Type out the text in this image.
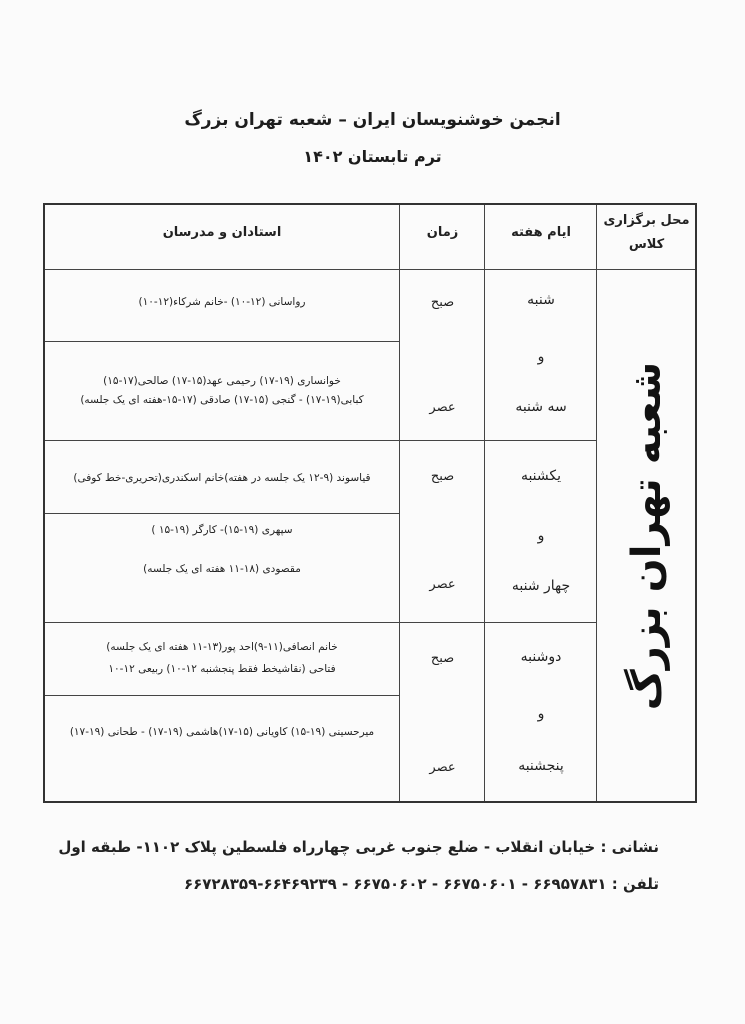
انجمن خوشنویسان ایران – شعبه تهران بزرگ
ترم تابستان ۱۴۰۲
محل برگزاری کلاس
ایام هفته
زمان
استادان و مدرسان
شعبه تهران بزرگ
شنبه
و
سه شنبه
صبح
عصر
رواسانی (۱۲-۱۰) -خانم شرکاء(۱۲-۱۰)
خوانساری (۱۹-۱۷) رحیمی عهد(۱۵-۱۷) صالحی(۱۷-۱۵)
کبابی(۱۹-۱۷) - گنجی (۱۵-۱۷) صادقی (۱۷-۱۵-هفته ای یک جلسه)
یکشنبه
و
چهار شنبه
صبح
عصر
قیاسوند (۹-۱۲ یک جلسه در هفته)خانم اسکندری(تحریری-خط کوفی)
سپهری (۱۹-۱۵)- کارگر (۱۹-۱۵ )
مقصودی (۱۸-۱۱ هفته ای یک جلسه)
دوشنبه
و
پنجشنبه
صبح
عصر
خانم انصافی(۱۱-۹)احد پور(۱۳-۱۱ هفته ای یک جلسه)
فتاحی (نقاشیخط فقط پنجشنبه ۱۲-۱۰) ربیعی ۱۲-۱۰
میرحسینی (۱۹-۱۵) کاویانی (۱۵-۱۷)هاشمی (۱۹-۱۷) - طحانی (۱۹-۱۷)
نشانی : خیابان انقلاب - ضلع جنوب غربی چهارراه فلسطین پلاک ۱۱۰۲- طبقه اول
تلفن : ۶۶۹۵۷۸۳۱ - ۶۶۷۵۰۶۰۱ - ۶۶۷۵۰۶۰۲ - ۶۶۴۶۹۲۳۹-۶۶۷۲۸۳۵۹
